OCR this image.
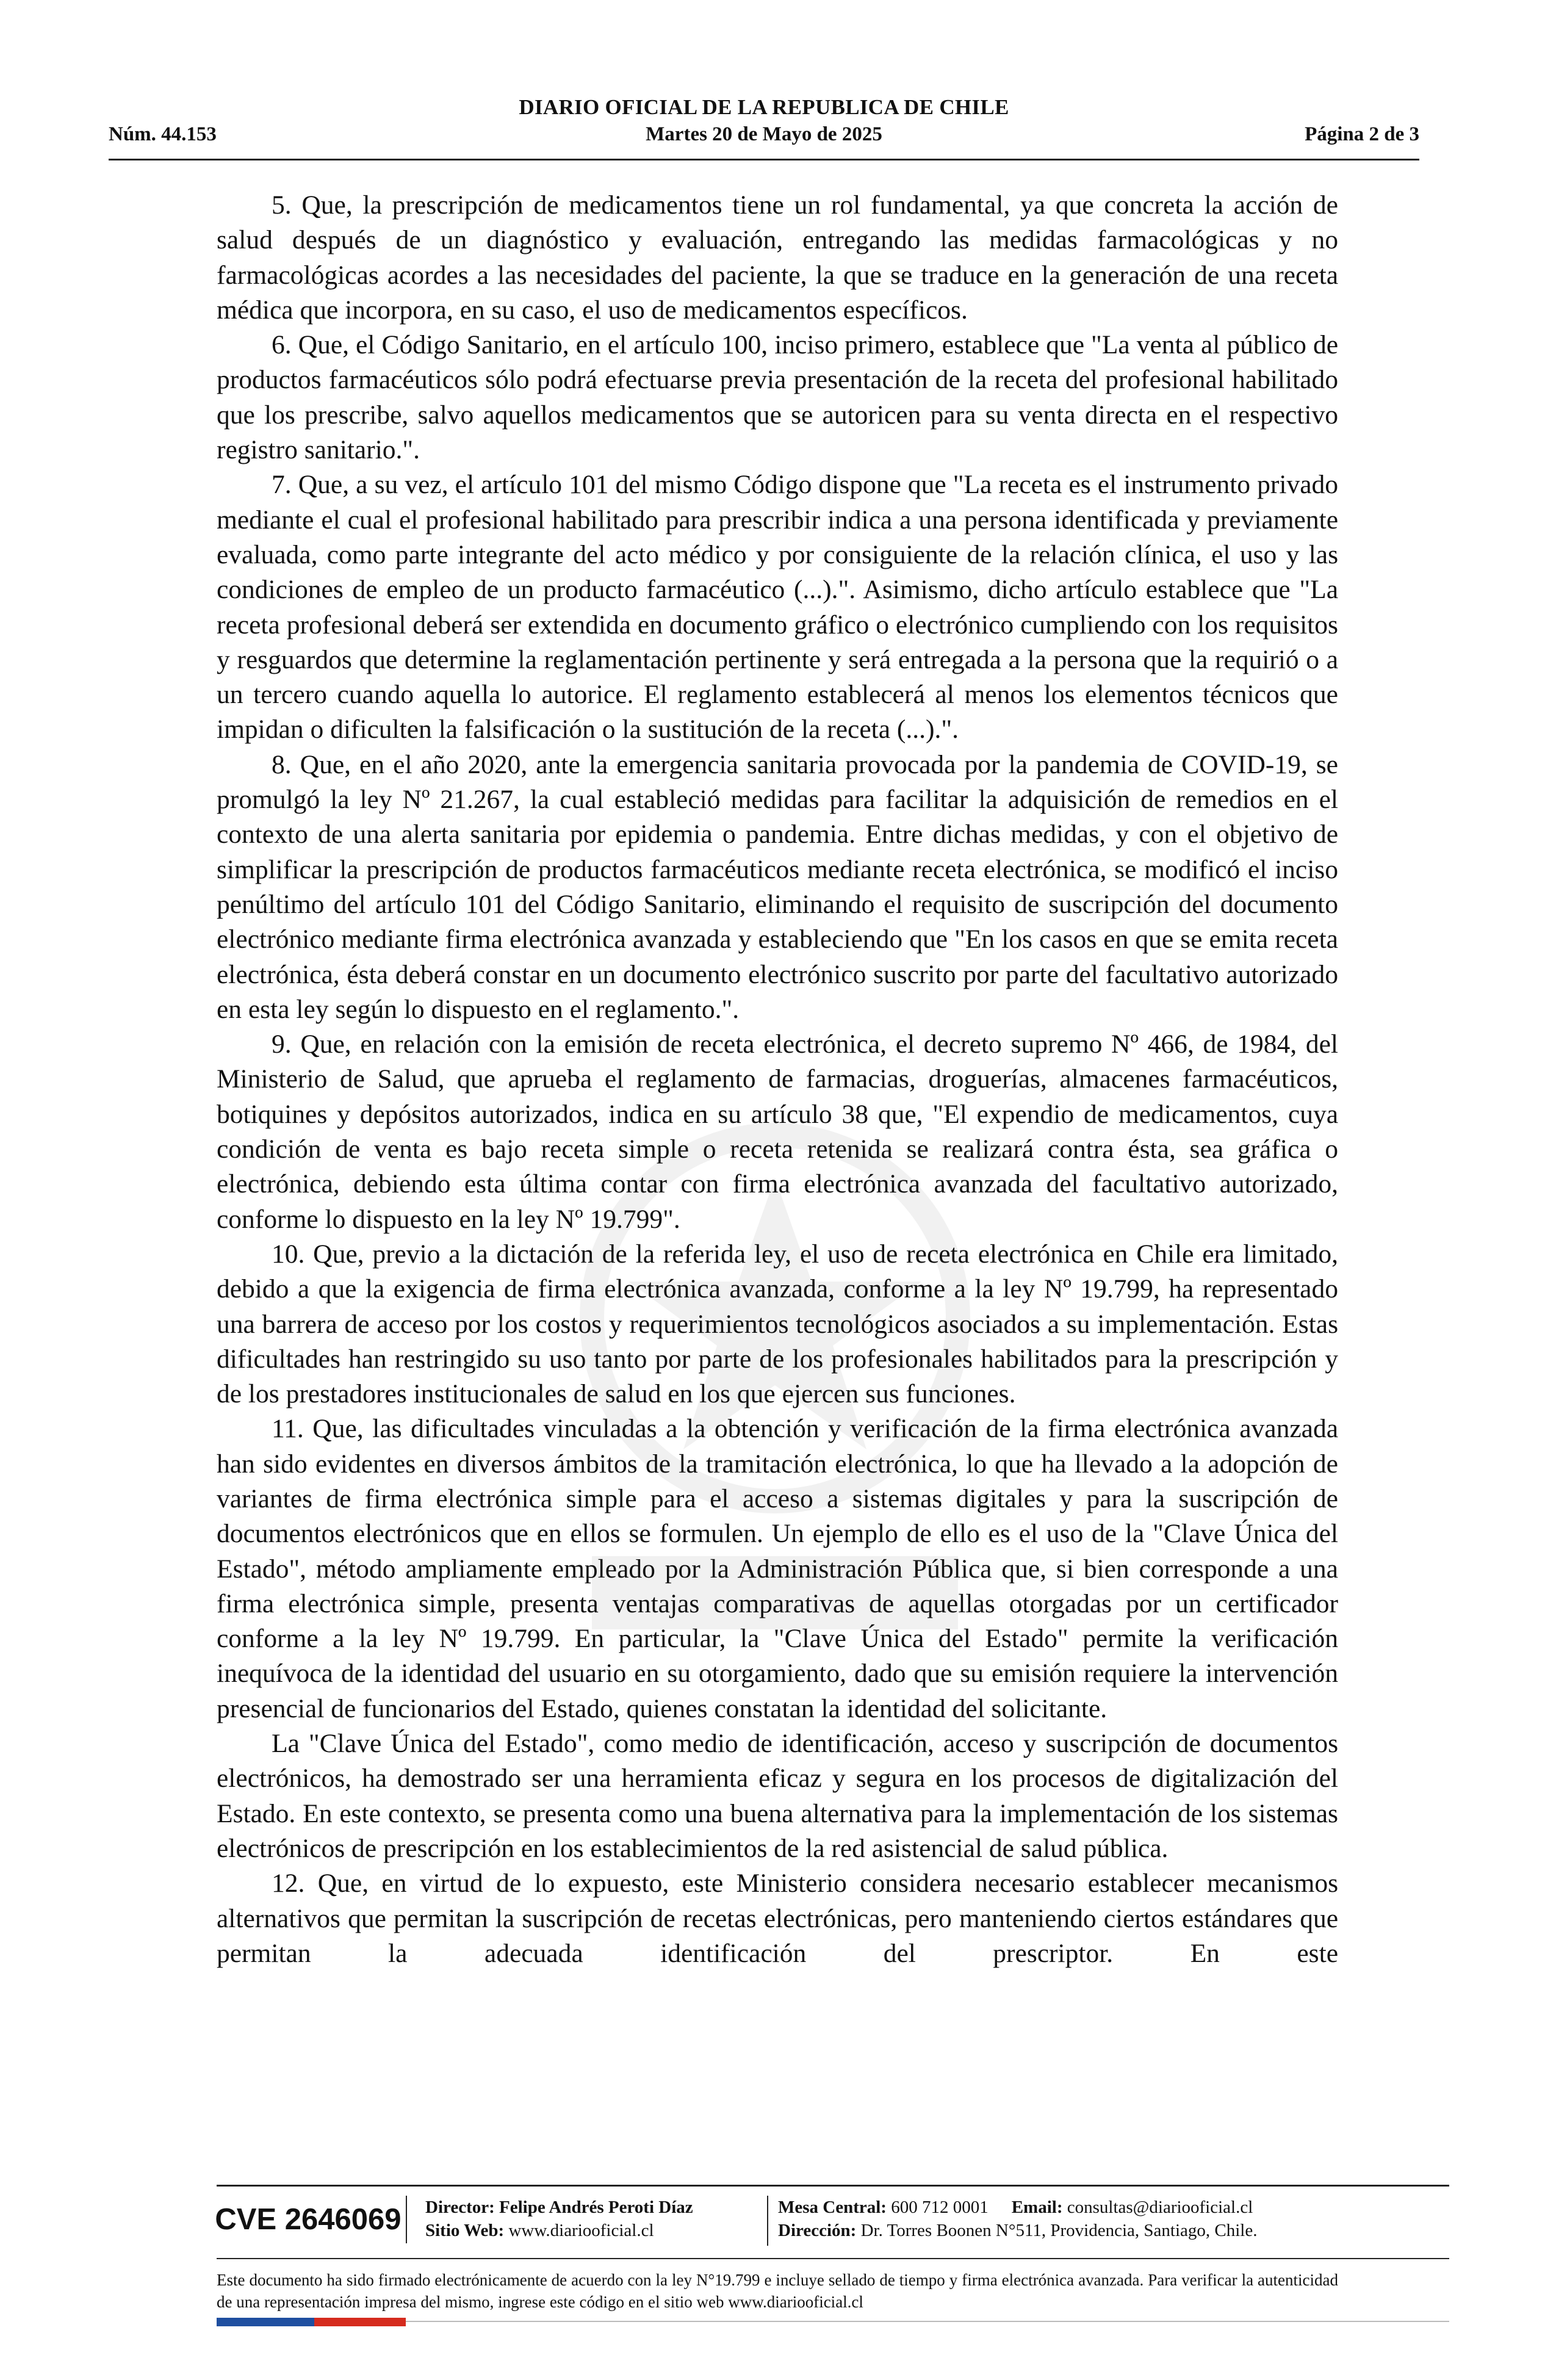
DIARIO OFICIAL DE LA REPUBLICA DE CHILE
Núm. 44.153	Martes 20 de Mayo de 2025	Página 2 de 3

5. Que, la prescripción de medicamentos tiene un rol fundamental, ya que concreta la acción de salud después de un diagnóstico y evaluación, entregando las medidas farmacológicas y no farmacológicas acordes a las necesidades del paciente, la que se traduce en la generación de una receta médica que incorpora, en su caso, el uso de medicamentos específicos.

6. Que, el Código Sanitario, en el artículo 100, inciso primero, establece que "La venta al público de productos farmacéuticos sólo podrá efectuarse previa presentación de la receta del profesional habilitado que los prescribe, salvo aquellos medicamentos que se autoricen para su venta directa en el respectivo registro sanitario.".

7. Que, a su vez, el artículo 101 del mismo Código dispone que "La receta es el instrumento privado mediante el cual el profesional habilitado para prescribir indica a una persona identificada y previamente evaluada, como parte integrante del acto médico y por consiguiente de la relación clínica, el uso y las condiciones de empleo de un producto farmacéutico (...).". Asimismo, dicho artículo establece que "La receta profesional deberá ser extendida en documento gráfico o electrónico cumpliendo con los requisitos y resguardos que determine la reglamentación pertinente y será entregada a la persona que la requirió o a un tercero cuando aquella lo autorice. El reglamento establecerá al menos los elementos técnicos que impidan o dificulten la falsificación o la sustitución de la receta (...).".

8. Que, en el año 2020, ante la emergencia sanitaria provocada por la pandemia de COVID-19, se promulgó la ley Nº 21.267, la cual estableció medidas para facilitar la adquisición de remedios en el contexto de una alerta sanitaria por epidemia o pandemia. Entre dichas medidas, y con el objetivo de simplificar la prescripción de productos farmacéuticos mediante receta electrónica, se modificó el inciso penúltimo del artículo 101 del Código Sanitario, eliminando el requisito de suscripción del documento electrónico mediante firma electrónica avanzada y estableciendo que "En los casos en que se emita receta electrónica, ésta deberá constar en un documento electrónico suscrito por parte del facultativo autorizado en esta ley según lo dispuesto en el reglamento.".

9. Que, en relación con la emisión de receta electrónica, el decreto supremo Nº 466, de 1984, del Ministerio de Salud, que aprueba el reglamento de farmacias, droguerías, almacenes farmacéuticos, botiquines y depósitos autorizados, indica en su artículo 38 que, "El expendio de medicamentos, cuya condición de venta es bajo receta simple o receta retenida se realizará contra ésta, sea gráfica o electrónica, debiendo esta última contar con firma electrónica avanzada del facultativo autorizado, conforme lo dispuesto en la ley Nº 19.799".

10. Que, previo a la dictación de la referida ley, el uso de receta electrónica en Chile era limitado, debido a que la exigencia de firma electrónica avanzada, conforme a la ley Nº 19.799, ha representado una barrera de acceso por los costos y requerimientos tecnológicos asociados a su implementación. Estas dificultades han restringido su uso tanto por parte de los profesionales habilitados para la prescripción y de los prestadores institucionales de salud en los que ejercen sus funciones.

11. Que, las dificultades vinculadas a la obtención y verificación de la firma electrónica avanzada han sido evidentes en diversos ámbitos de la tramitación electrónica, lo que ha llevado a la adopción de variantes de firma electrónica simple para el acceso a sistemas digitales y para la suscripción de documentos electrónicos que en ellos se formulen. Un ejemplo de ello es el uso de la "Clave Única del Estado", método ampliamente empleado por la Administración Pública que, si bien corresponde a una firma electrónica simple, presenta ventajas comparativas de aquellas otorgadas por un certificador conforme a la ley Nº 19.799. En particular, la "Clave Única del Estado" permite la verificación inequívoca de la identidad del usuario en su otorgamiento, dado que su emisión requiere la intervención presencial de funcionarios del Estado, quienes constatan la identidad del solicitante.

La "Clave Única del Estado", como medio de identificación, acceso y suscripción de documentos electrónicos, ha demostrado ser una herramienta eficaz y segura en los procesos de digitalización del Estado. En este contexto, se presenta como una buena alternativa para la implementación de los sistemas electrónicos de prescripción en los establecimientos de la red asistencial de salud pública.

12. Que, en virtud de lo expuesto, este Ministerio considera necesario establecer mecanismos alternativos que permitan la suscripción de recetas electrónicas, pero manteniendo ciertos estándares que permitan la adecuada identificación del prescriptor. En este

CVE 2646069	Director: Felipe Andrés Peroti Díaz
Sitio Web: www.diariooficial.cl
Mesa Central: 600 712 0001 Email: consultas@diariooficial.cl
Dirección: Dr. Torres Boonen N°511, Providencia, Santiago, Chile.
Este documento ha sido firmado electrónicamente de acuerdo con la ley N°19.799 e incluye sellado de tiempo y firma electrónica avanzada. Para verificar la autenticidad de una representación impresa del mismo, ingrese este código en el sitio web www.diariooficial.cl
